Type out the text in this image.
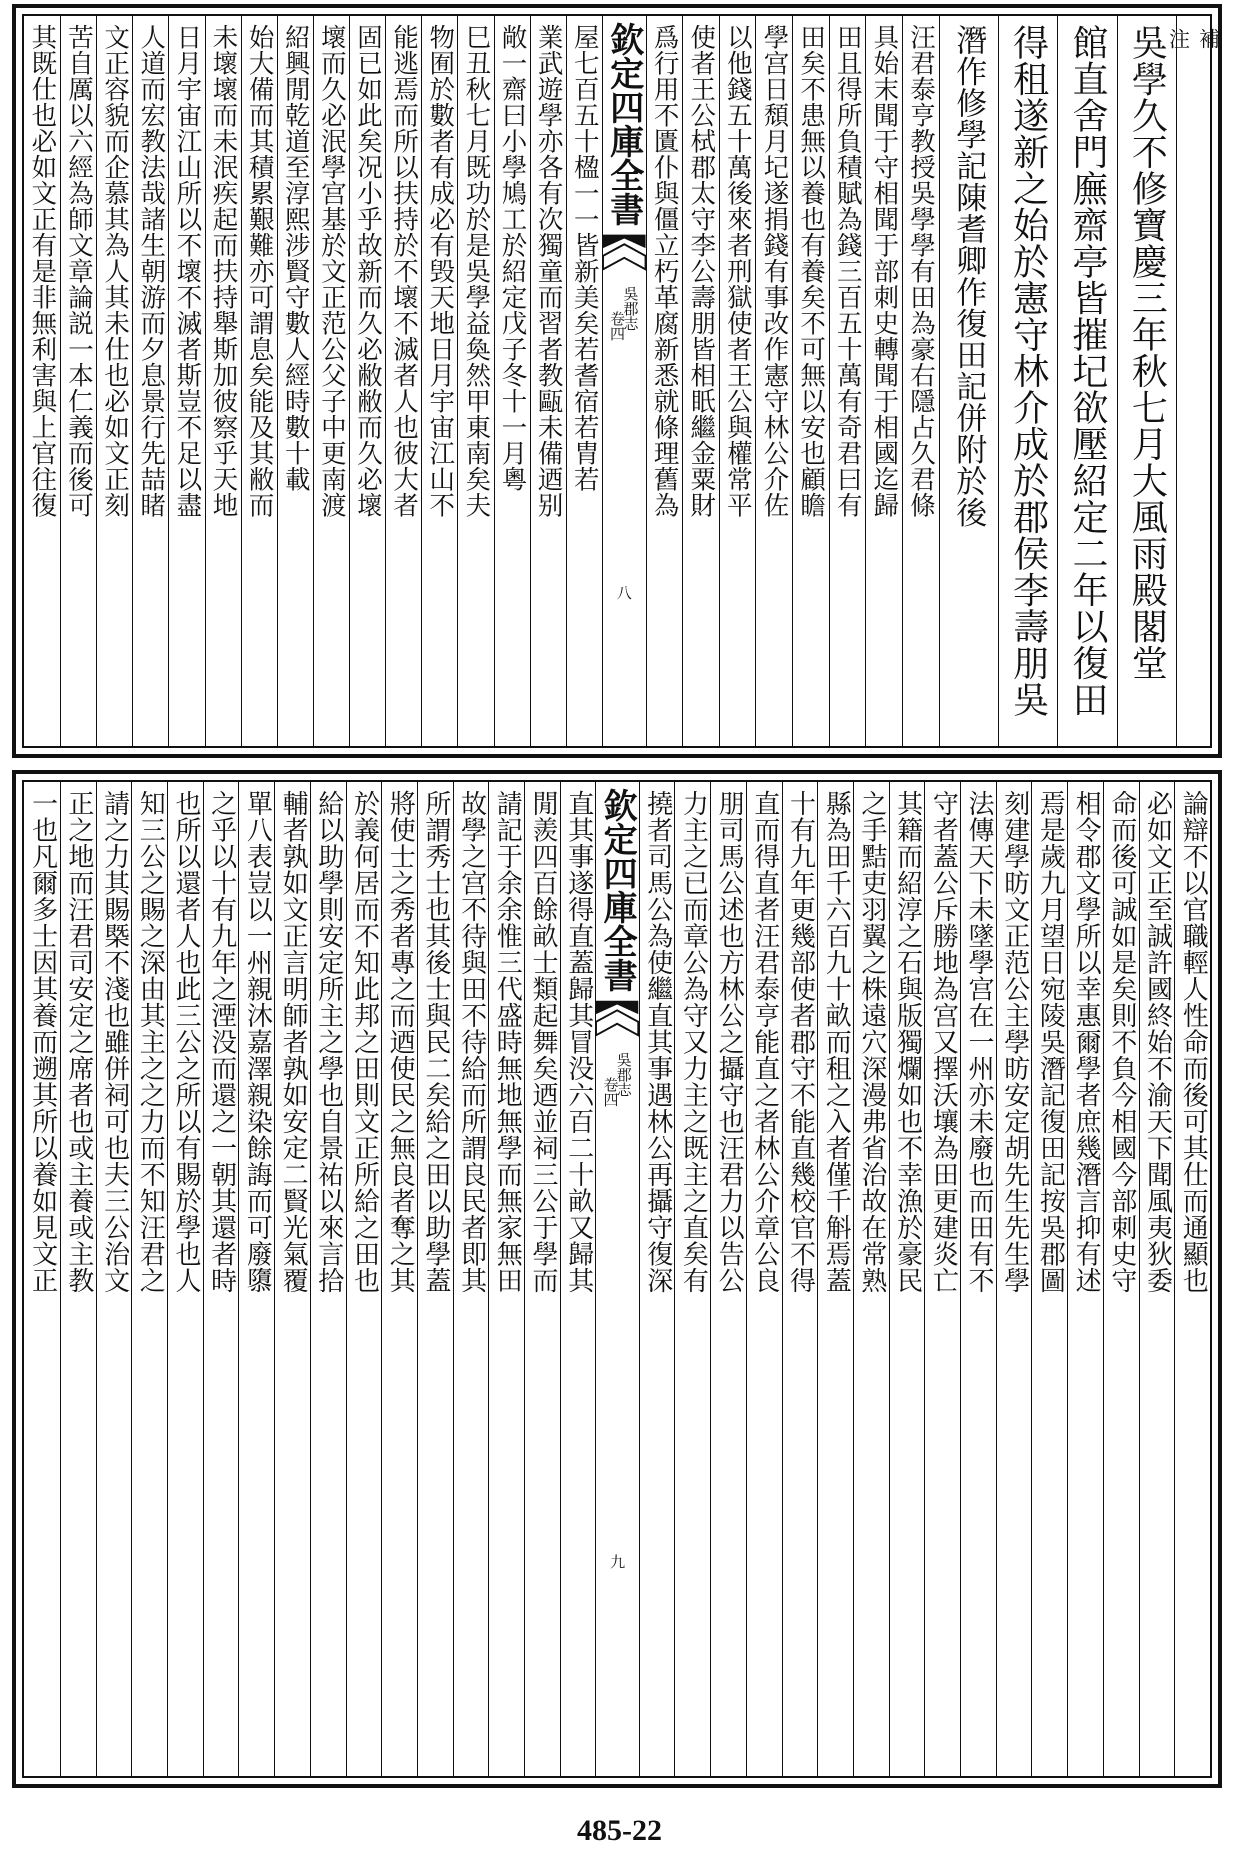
補
注
吳學久不修寶慶三年秋七月大風雨殿閣堂
館直舍門廡齋亭皆摧圮欲壓紹定二年以復田
得租遂新之始於憲守林介成於郡侯李壽朋吳
潛作修學記陳耆卿作復田記併附於後
汪君泰亨教授吳學學有田為豪右隱占久君條
具始末聞于守相聞于部刺史轉聞于相國迄歸
田且得所負積賦為錢三百五十萬有奇君曰有
田矣不患無以養也有養矣不可無以安也顧瞻
學宫日頹月圮遂捐錢有事改作憲守林公介佐
以他錢五十萬後來者刑獄使者王公與權常平
使者王公栻郡太守李公壽朋皆相眂繼金粟財
爲行用不匱仆與僵立朽革腐新悉就條理舊為
欽定四庫全書
卷四
吳郡志
八
屋七百五十楹一一皆新美矣若耆宿若胄若
業武遊學亦各有次獨童而習者教甌未備迺别
敞一齋曰小學鳩工於紹定戊子冬十一月粵
巳丑秋七月既功於是吳學益奐然甲東南矣夫
物囿於數者有成必有毁天地日月宇宙江山不
能逃焉而所以扶持於不壞不滅者人也彼大者
固已如此矣况小乎故新而久必敝敝而久必壞
壞而久必泯學宫基於文正范公父子中更南渡
紹興閒乾道至淳熙涉賢守數人經時數十載
始大備而其積累艱難亦可謂息矣能及其敝而
未壞壞而未泯疾起而扶持舉斯加彼察乎天地
日月宇宙江山所以不壞不滅者斯豈不足以盡
人道而宏教法哉諸生朝游而夕息景行先喆睹
文正容貌而企慕其為人其未仕也必如文正刻
苦自厲以六經為師文章論説一本仁義而後可
其既仕也必如文正有是非無利害與上官往復
論辯不以官職輕人性命而後可其仕而通顯也
必如文正至誠許國終始不渝天下聞風夷狄委
命而後可誠如是矣則不負今相國今部刺史守
相令郡文學所以幸惠爾學者庶幾潛言抑有述
焉是歲九月望日宛陵吳潛記復田記按吳郡圖
刻建學昉文正范公主學昉安定胡先生先生學
法傳天下未墜學宫在一州亦未廢也而田有不
守者蓋公斥勝地為宫又擇沃壤為田更建炎亡
其籍而紹淳之石與版獨爛如也不幸漁於豪民
之手黠吏羽翼之株遠穴深漫弗省治故在常熟
縣為田千六百九十畝而租之入者僅千斛焉蓋
十有九年更幾部使者郡守不能直幾校官不得
直而得直者汪君泰亨能直之者林公介章公良
朋司馬公述也方林公之攝守也汪君力以告公
力主之已而章公為守又力主之既主之直矣有
撓者司馬公為使繼直其事遇林公再攝守復深
欽定四庫全書
卷四
吳郡志
九
直其事遂得直蓋歸其冒没六百二十畝又歸其
閒羨四百餘畝士類起舞矣迺並祠三公于學而
請記于余余惟三代盛時無地無學而無家無田
故學之宫不待與田不待給而所謂良民者即其
所謂秀士也其後士與民二矣給之田以助學蓋
將使士之秀者專之而迺使民之無良者奪之其
於義何居而不知此邦之田則文正所給之田也
給以助學則安定所主之學也自景祐以來言拾
輔者孰如文正言明師者孰如安定二賢光氣覆
單八表豈以一州親沐嘉澤親染餘誨而可廢隳
之乎以十有九年之湮没而還之一朝其還者時
也所以還者人也此三公之所以有賜於學也人
知三公之賜之深由其主之之力而不知汪君之
請之力其賜槩不淺也雖併祠可也夫三公治文
正之地而汪君司安定之席者也或主養或主教
一也凡爾多士因其養而遡其所以養如見文正
485-22
